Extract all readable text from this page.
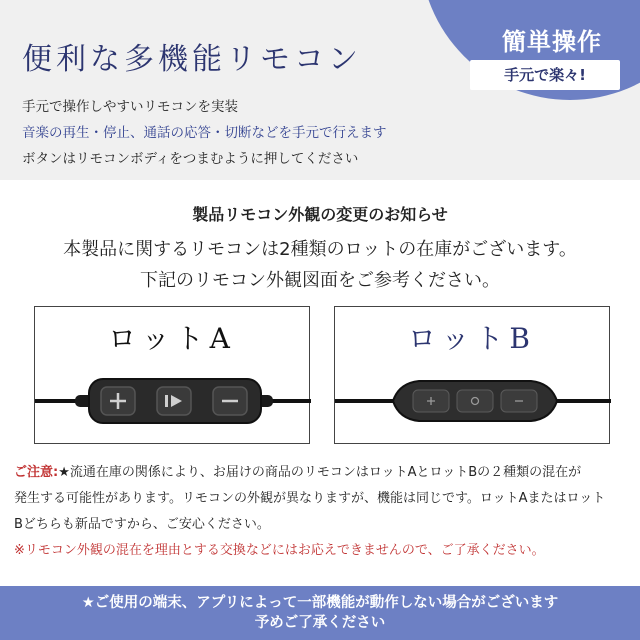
簡単操作
手元で楽々!
便利な多機能リモコン
手元で操作しやすいリモコンを実装
音楽の再生・停止、通話の応答・切断などを手元で行えます
ボタンはリモコンボディをつまむように押してください
製品リモコン外観の変更のお知らせ
本製品に関するリモコンは2種類のロットの在庫がございます。
下記のリモコン外観図面をご参考ください。
ロットA	ロットB
ご注意:★流通在庫の関係により、お届けの商品のリモコンはロットAとロットBの２種類の混在が
発生する可能性があります。リモコンの外観が異なりますが、機能は同じです。ロットAまたはロット
Bどちらも新品ですから、ご安心ください。
※リモコン外観の混在を理由とする交換などにはお応えできませんので、ご了承ください。
★ご使用の端末、アプリによって一部機能が動作しない場合がございます
予めご了承ください
